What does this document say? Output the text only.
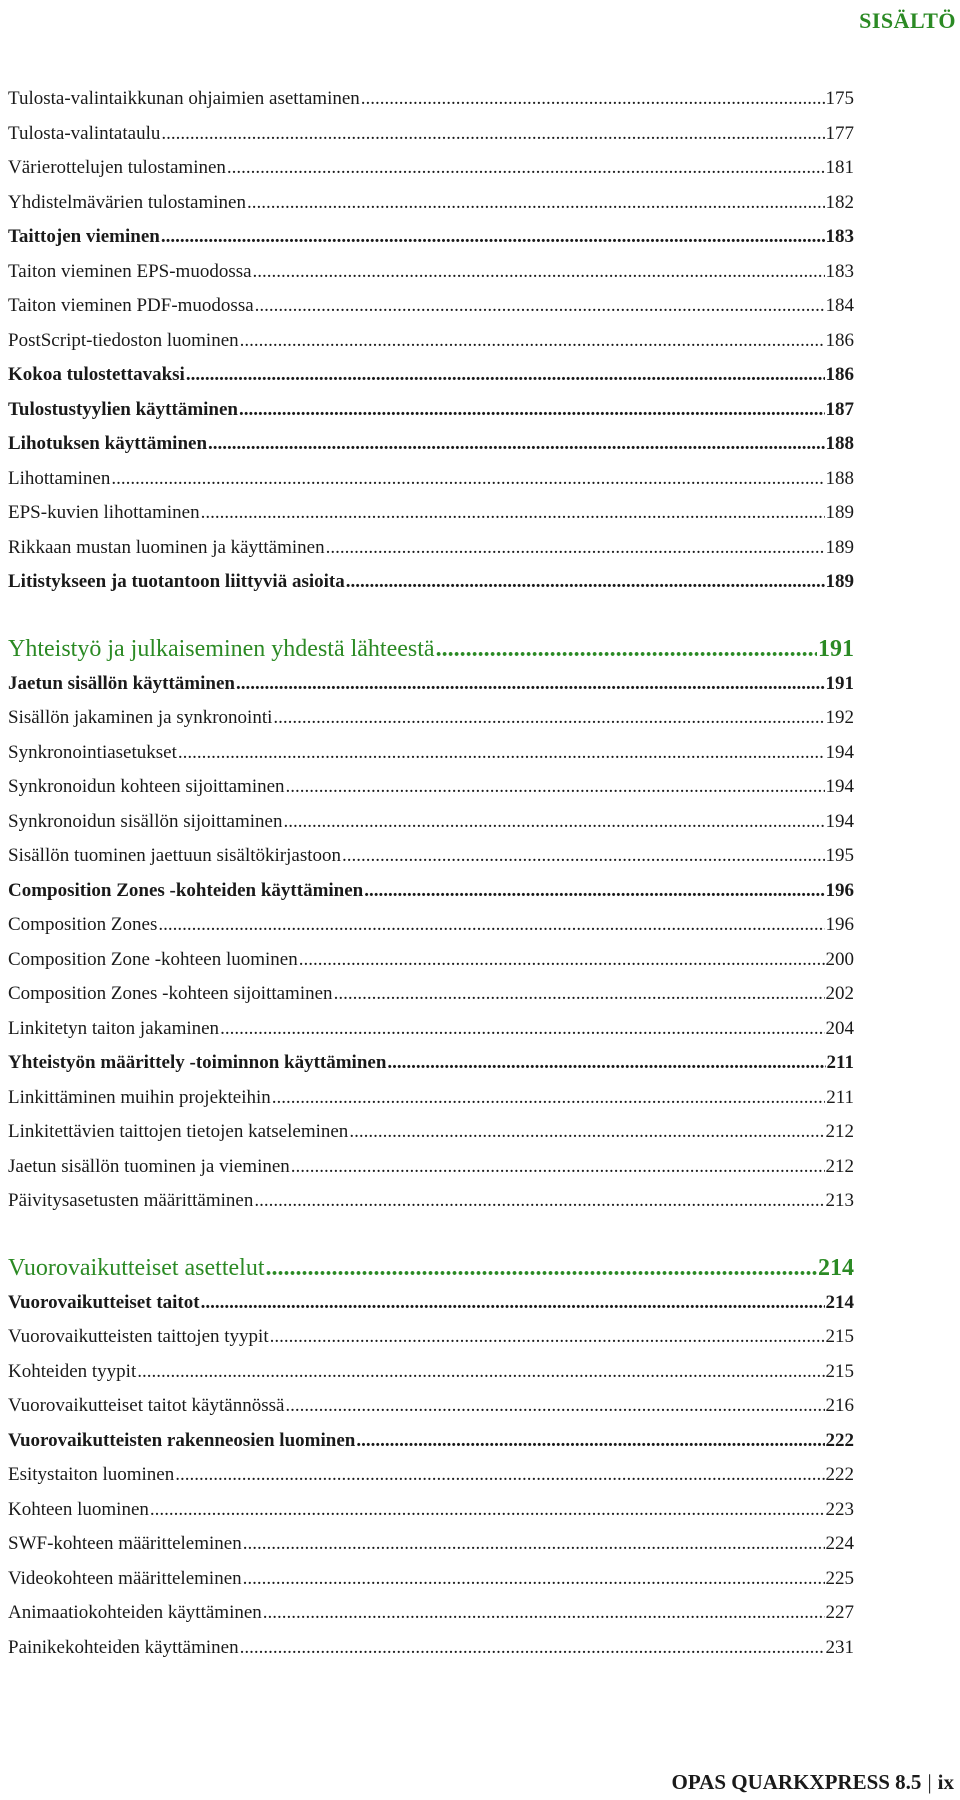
SISÄLTÖ
Tulosta-valintaikkunan ohjaimien asettaminen .....	175
Tulosta-valintataulu .....	177
Värierottelujen tulostaminen .....	181
Yhdistelmävärien tulostaminen .....	182
Taittojen vieminen .....	183
Taiton vieminen EPS-muodossa .....	183
Taiton vieminen PDF-muodossa .....	184
PostScript-tiedoston luominen .....	186
Kokoa tulostettavaksi .....	186
Tulostustyylien käyttäminen .....	187
Lihotuksen käyttäminen .....	188
Lihottaminen .....	188
EPS-kuvien lihottaminen .....	189
Rikkaan mustan luominen ja käyttäminen .....	189
Litistykseen ja tuotantoon liittyviä asioita .....	189
Yhteistyö ja julkaiseminen yhdestä lähteestä .....	191
Jaetun sisällön käyttäminen .....	191
Sisällön jakaminen ja synkronointi .....	192
Synkronointiasetukset .....	194
Synkronoidun kohteen sijoittaminen .....	194
Synkronoidun sisällön sijoittaminen .....	194
Sisällön tuominen jaettuun sisältökirjastoon .....	195
Composition Zones -kohteiden käyttäminen .....	196
Composition Zones .....	196
Composition Zone -kohteen luominen .....	200
Composition Zones -kohteen sijoittaminen .....	202
Linkitetyn taiton jakaminen .....	204
Yhteistyön määrittely -toiminnon käyttäminen .....	211
Linkittäminen muihin projekteihin .....	211
Linkitettävien taittojen tietojen katseleminen .....	212
Jaetun sisällön tuominen ja vieminen .....	212
Päivitysasetusten määrittäminen .....	213
Vuorovaikutteiset asettelut .....	214
Vuorovaikutteiset taitot .....	214
Vuorovaikutteisten taittojen tyypit .....	215
Kohteiden tyypit .....	215
Vuorovaikutteiset taitot käytännössä .....	216
Vuorovaikutteisten rakenneosien luominen .....	222
Esitystaiton luominen .....	222
Kohteen luominen .....	223
SWF-kohteen määritteleminen .....	224
Videokohteen määritteleminen .....	225
Animaatiokohteiden käyttäminen .....	227
Painikekohteiden käyttäminen .....	231
OPAS QUARKXPRESS 8.5 | ix
